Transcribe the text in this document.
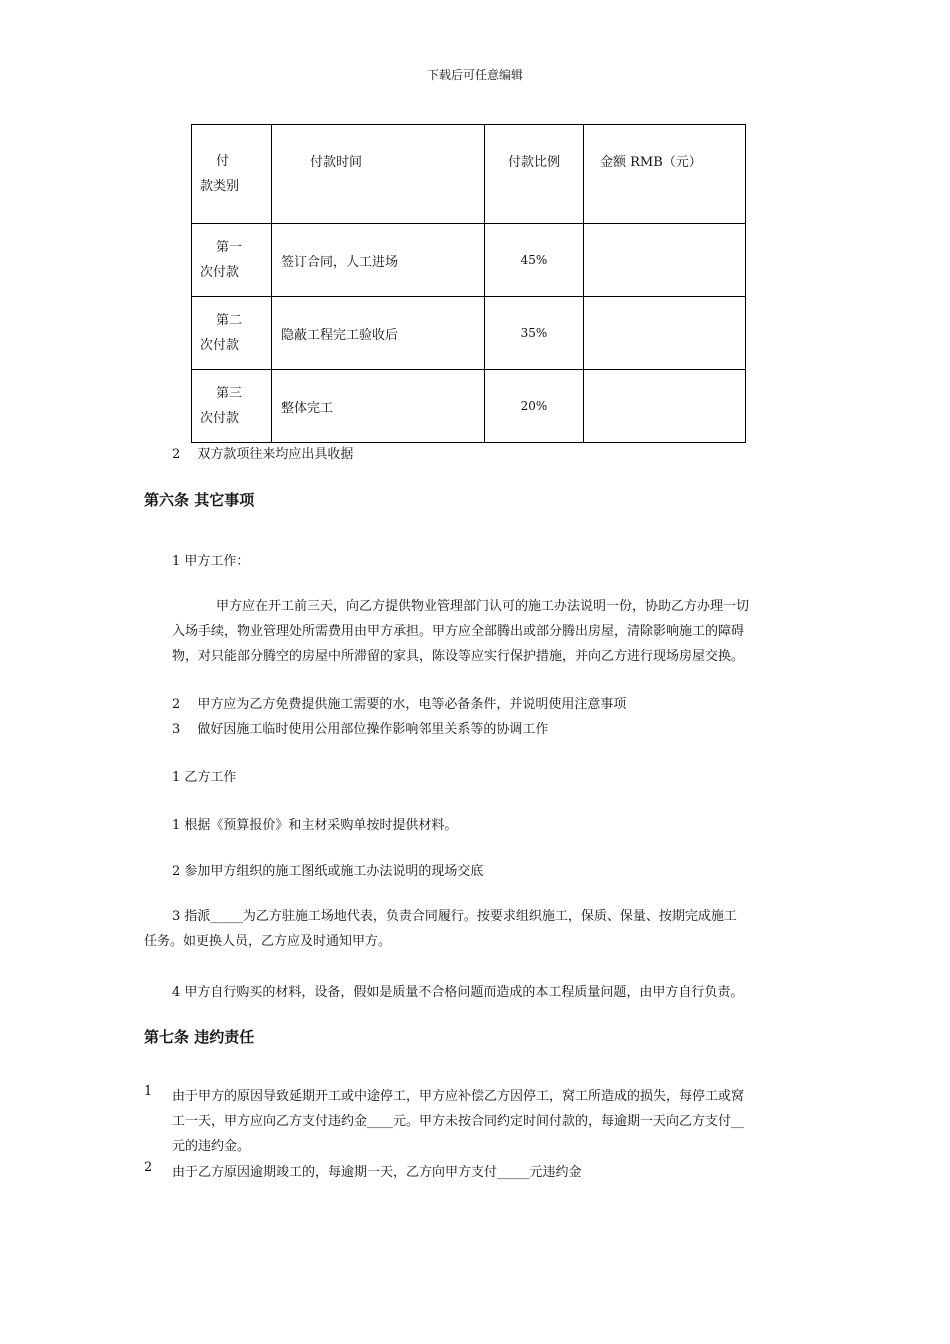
下载后可任意编辑
付
款类别	付款时间	付款比例	金额 RMB（元）

第一
次付款	签订合同，人工进场	45%	

第二
次付款	隐蔽工程完工验收后	35%	

第三
次付款	整体完工	20%	
2　 双方款项往来均应出具收据
第六条 其它事项
1 甲方工作：
甲方应在开工前三天，向乙方提供物业管理部门认可的施工办法说明一份，协助乙方办理一切
入场手续，物业管理处所需费用由甲方承担。甲方应全部腾出或部分腾出房屋，清除影响施工的障碍
物，对只能部分腾空的房屋中所滞留的家具，陈设等应实行保护措施，并向乙方进行现场房屋交换。
2　 甲方应为乙方免费提供施工需要的水，电等必备条件，并说明使用注意事项
3　 做好因施工临时使用公用部位操作影响邻里关系等的协调工作
1 乙方工作
1 根据《预算报价》和主材采购单按时提供材料。
2 参加甲方组织的施工图纸或施工办法说明的现场交底
3 指派_____为乙方驻施工场地代表，负责合同履行。按要求组织施工，保质、保量、按期完成施工
任务。如更换人员，乙方应及时通知甲方。
4 甲方自行购买的材料，设备，假如是质量不合格问题而造成的本工程质量问题，由甲方自行负责。
第七条 违约责任
1 由于甲方的原因导致延期开工或中途停工，甲方应补偿乙方因停工，窝工所造成的损失，每停工或窝
工一天，甲方应向乙方支付违约金____元。甲方未按合同约定时间付款的，每逾期一天向乙方支付__
元的违约金。
2 由于乙方原因逾期竣工的，每逾期一天，乙方向甲方支付_____元违约金
